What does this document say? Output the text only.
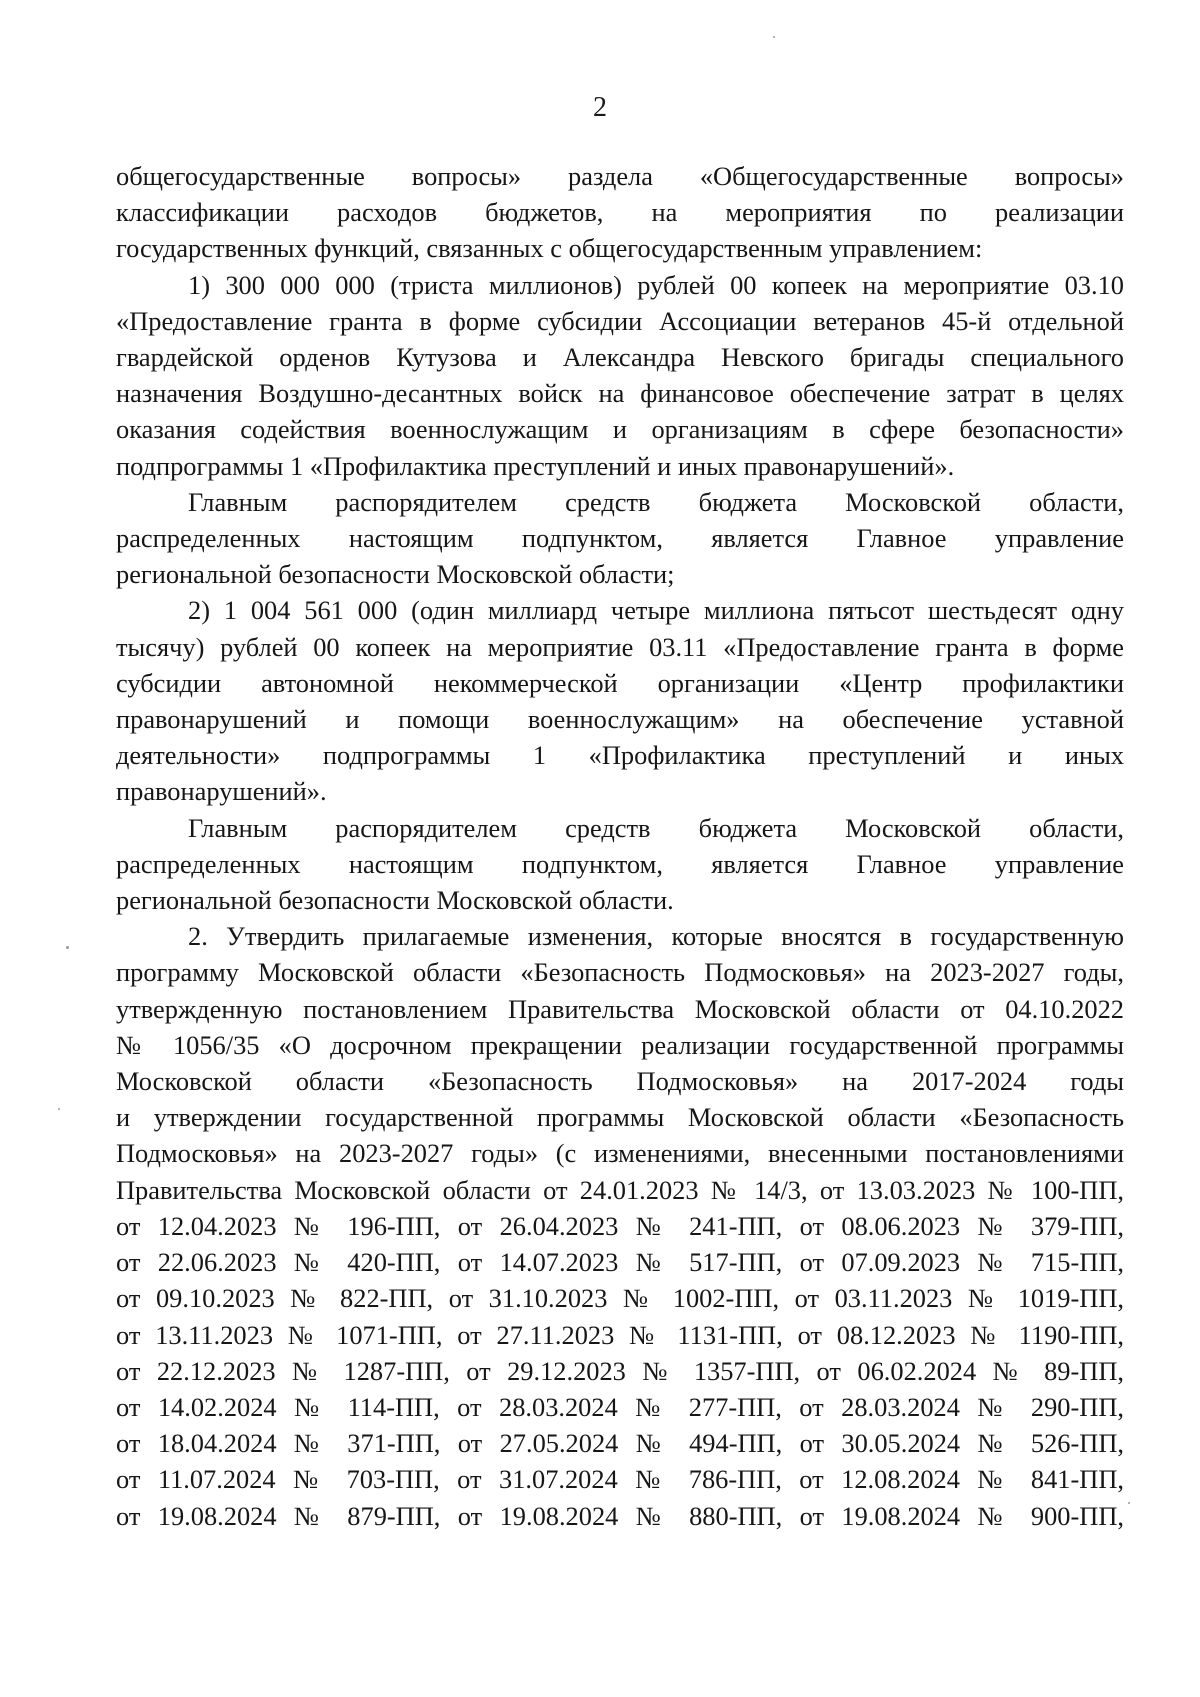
2
общегосударственные вопросы» раздела «Общегосударственные вопросы»
классификации расходов бюджетов, на мероприятия по реализации
государственных функций, связанных с общегосударственным управлением:
1) 300 000 000 (триста миллионов) рублей 00 копеек на мероприятие 03.10
«Предоставление гранта в форме субсидии Ассоциации ветеранов 45-й отдельной
гвардейской орденов Кутузова и Александра Невского бригады специального
назначения Воздушно-десантных войск на финансовое обеспечение затрат в целях
оказания содействия военнослужащим и организациям в сфере безопасности»
подпрограммы 1 «Профилактика преступлений и иных правонарушений».
Главным распорядителем средств бюджета Московской области,
распределенных настоящим подпунктом, является Главное управление
региональной безопасности Московской области;
2) 1 004 561 000 (один миллиард четыре миллиона пятьсот шестьдесят одну
тысячу) рублей 00 копеек на мероприятие 03.11 «Предоставление гранта в форме
субсидии автономной некоммерческой организации «Центр профилактики
правонарушений и помощи военнослужащим» на обеспечение уставной
деятельности» подпрограммы 1 «Профилактика преступлений и иных
правонарушений».
Главным распорядителем средств бюджета Московской области,
распределенных настоящим подпунктом, является Главное управление
региональной безопасности Московской области.
2. Утвердить прилагаемые изменения, которые вносятся в государственную
программу Московской области «Безопасность Подмосковья» на 2023-2027 годы,
утвержденную постановлением Правительства Московской области от 04.10.2022
№ 1056/35 «О досрочном прекращении реализации государственной программы
Московской области «Безопасность Подмосковья» на 2017-2024 годы
и утверждении государственной программы Московской области «Безопасность
Подмосковья» на 2023-2027 годы» (с изменениями, внесенными постановлениями
Правительства Московской области от 24.01.2023 № 14/3, от 13.03.2023 № 100-ПП,
от 12.04.2023 № 196-ПП, от 26.04.2023 № 241-ПП, от 08.06.2023 № 379-ПП,
от 22.06.2023 № 420-ПП, от 14.07.2023 № 517-ПП, от 07.09.2023 № 715-ПП,
от 09.10.2023 № 822-ПП, от 31.10.2023 № 1002-ПП, от 03.11.2023 № 1019-ПП,
от 13.11.2023 № 1071-ПП, от 27.11.2023 № 1131-ПП, от 08.12.2023 № 1190-ПП,
от 22.12.2023 № 1287-ПП, от 29.12.2023 № 1357-ПП, от 06.02.2024 № 89-ПП,
от 14.02.2024 № 114-ПП, от 28.03.2024 № 277-ПП, от 28.03.2024 № 290-ПП,
от 18.04.2024 № 371-ПП, от 27.05.2024 № 494-ПП, от 30.05.2024 № 526-ПП,
от 11.07.2024 № 703-ПП, от 31.07.2024 № 786-ПП, от 12.08.2024 № 841-ПП,
от 19.08.2024 № 879-ПП, от 19.08.2024 № 880-ПП, от 19.08.2024 № 900-ПП,
